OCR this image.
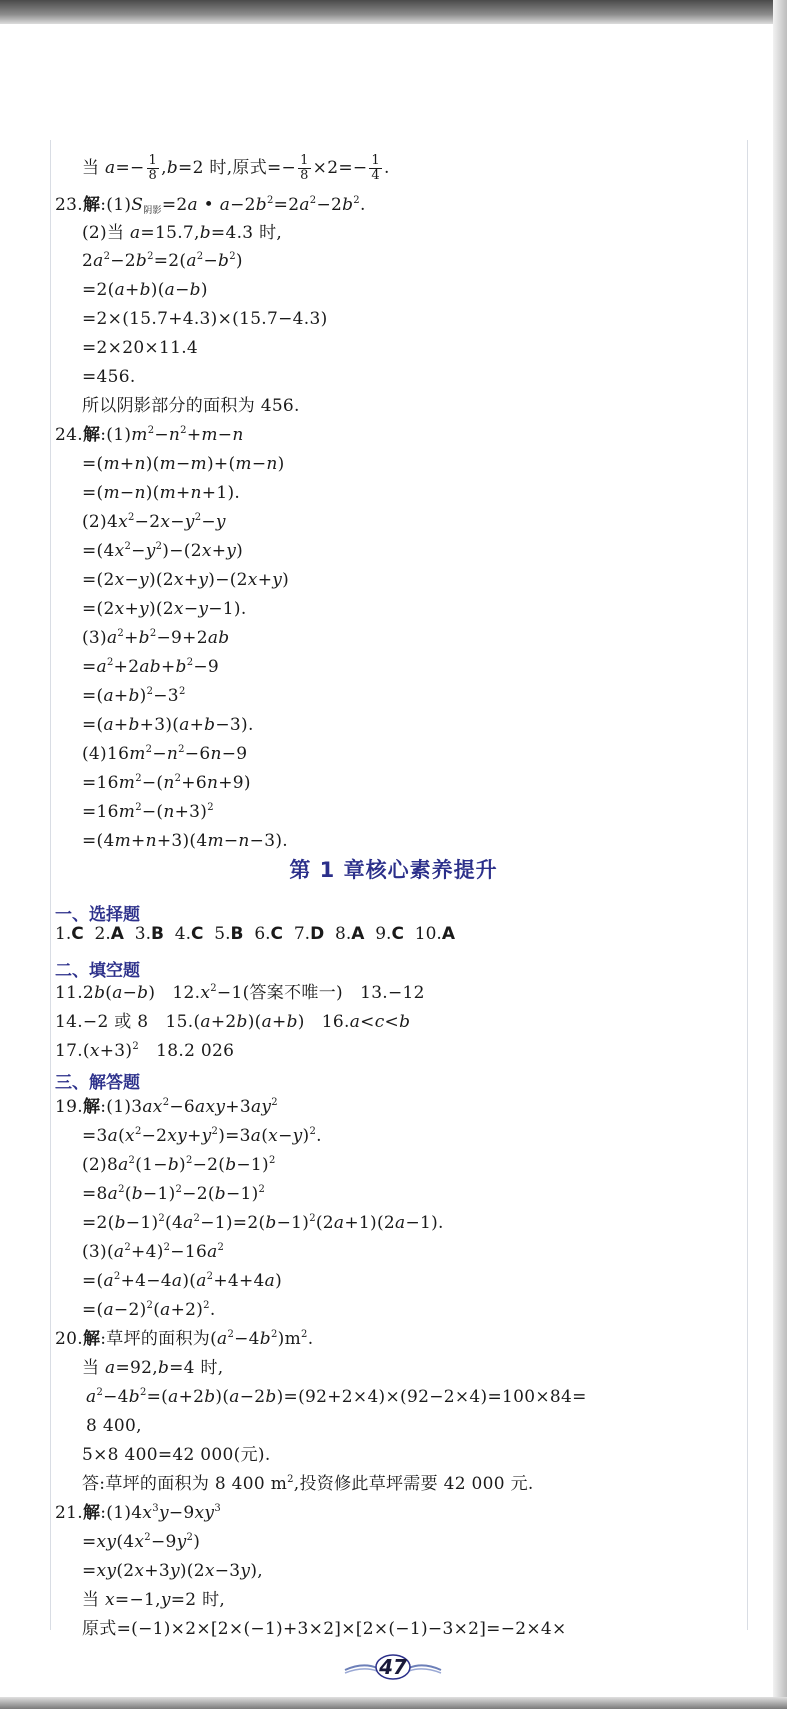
当 $a=- \frac{1}{8} ,b=2$ 时,原式=− $\frac{1}{8} \times 2=- \frac{1}{4}$ .
23.解$:(1)S_{阴影}=2a$ • $a-2b^2=2a^2-2b^2$.
(2)当 a=15.7,b=4.3 时,
$2a^2-2b^2=2(a^2-b^2)$
=2(a+b)(a−b)
=2×(15.7+4.3)×(15.7−4.3)
=2×20×11.4
=456.
所以阴影部分的面积为 456.
24.解$:(1)m^2-n^2+m-n$
=(m+n)(m−m)+(m−n)
=(m−n)(m+n+1).
$(2)4x^2-2x-y^2-y$
$=(4x^2-y^2)-(2x+y)$
=(2x−y)(2x+y)−(2x+y)
=(2x+y)(2x−y−1).
$(3)a^2+b^2-9+2ab$
$=a^2+2ab+b^2-9$
$=(a+b)^2-3^2$
=(a+b+3)(a+b−3).
$(4)16m^2-n^2-6n-9$
$=16m^2-(n^2+6n+9)$
$=16m^2-(n+3)^2$
=(4m+n+3)(4m−n−3).
第 1 章核心素养提升
一、选择题
1.C 2.A 3.B 4.C 5.B 6.C 7.D 8.A 9.C 10.A
二、填空题
11.2b(a−b)   $12.x^2-1$(答案不唯一) 13.−12
14.−2 或 8   15.(a+2b)(a+b)   16.a<c<b
$17.(x+3)^2$ 18.2 026
三、解答题
19.解$:(1)3ax^2-6axy+3ay^2$
$=3a(x^2-2xy+y^2)=3a(x-y)^2$.
$(2)8a^2(1-b)^2-2(b-1)^2$
$=8a^2(b-1)^2-2(b-1)^2$
$=2(b-1)^2(4a^2-1)=2(b-1)^2(2a+1)(2a-1)$.
$(3)(a^2+4)^2-16a^2$
$=(a^2+4-4a)(a^2+4+4a)$
$=(a-2)^2(a+2)^2$.
20.解:草坪的面积为$(a^2-4b^2)m^2$.
当 a=92,b=4 时,
$a^2-4b^2=(a+2b)(a-2b)=(92+2\times 4)\times(92-2\times 4)=100\times 84=$
8 400,
5×8 400=42 000(元).
答:草坪的面积为 8 400 $m^2$,投资修此草坪需要 42 000 元.
21.解$:(1)4x^3y-9xy^3$
$=xy(4x^2-9y^2)$
=xy(2x+3y)(2x−3y),
当 x=−1,y=2 时,
原式=(−1)×2×[2×(−1)+3×2]×[2×(−1)−3×2]=−2×4×
47
